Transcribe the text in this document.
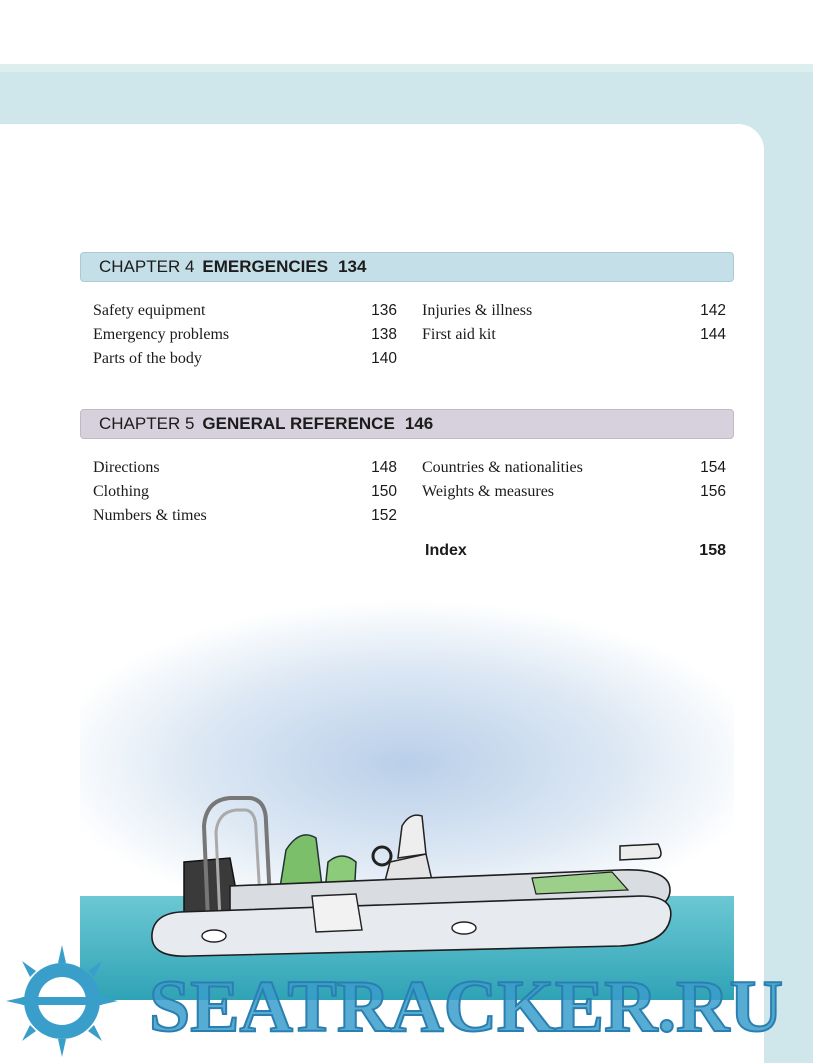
CHAPTER 4 EMERGENCIES 134
Safety equipment	136
Emergency problems	138
Parts of the body	140
Injuries & illness	142
First aid kit	144
CHAPTER 5 GENERAL REFERENCE 146
Directions	148
Clothing	150
Numbers & times	152
Countries & nationalities	154
Weights & measures	156
Index	158
SEATRACKER.RU
